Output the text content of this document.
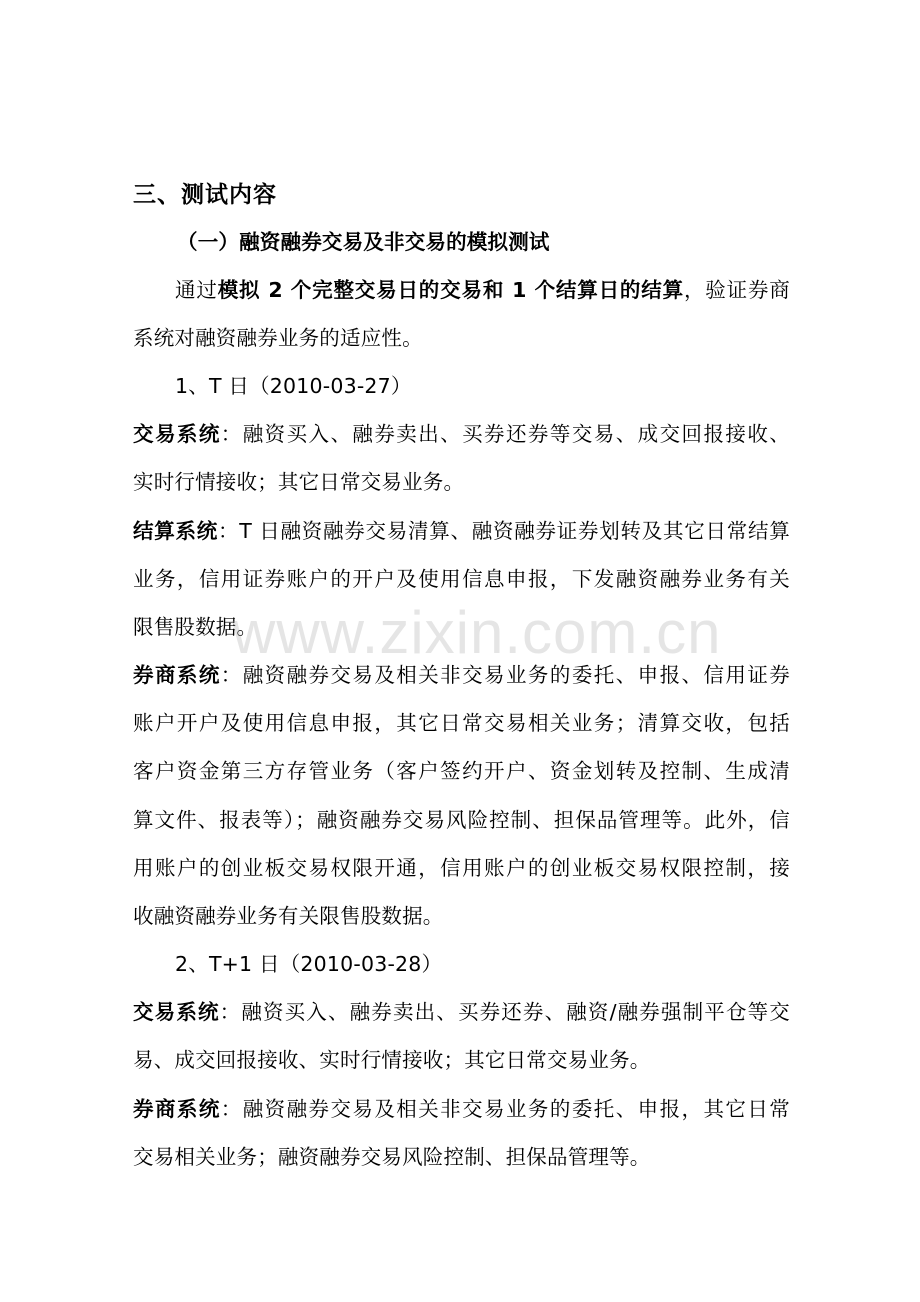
三、测试内容
（一）融资融券交易及非交易的模拟测试
通过模拟 2 个完整交易日的交易和 1 个结算日的结算，验证券商
系统对融资融券业务的适应性。
1、T 日（2010-03-27）
交易系统：融资买入、融券卖出、买券还券等交易、成交回报接收、
实时行情接收；其它日常交易业务。
结算系统：T 日融资融券交易清算、融资融券证券划转及其它日常结算
业务，信用证券账户的开户及使用信息申报，下发融资融券业务有关
限售股数据。
券商系统：融资融券交易及相关非交易业务的委托、申报、信用证券
账户开户及使用信息申报，其它日常交易相关业务；清算交收，包括
客户资金第三方存管业务（客户签约开户、资金划转及控制、生成清
算文件、报表等）；融资融券交易风险控制、担保品管理等。此外，信
用账户的创业板交易权限开通，信用账户的创业板交易权限控制，接
收融资融券业务有关限售股数据。
2、T+1 日（2010-03-28）
交易系统：融资买入、融券卖出、买券还券、融资/融券强制平仓等交
易、成交回报接收、实时行情接收；其它日常交易业务。
券商系统：融资融券交易及相关非交易业务的委托、申报，其它日常
交易相关业务；融资融券交易风险控制、担保品管理等。
www.zixin.com.cn
